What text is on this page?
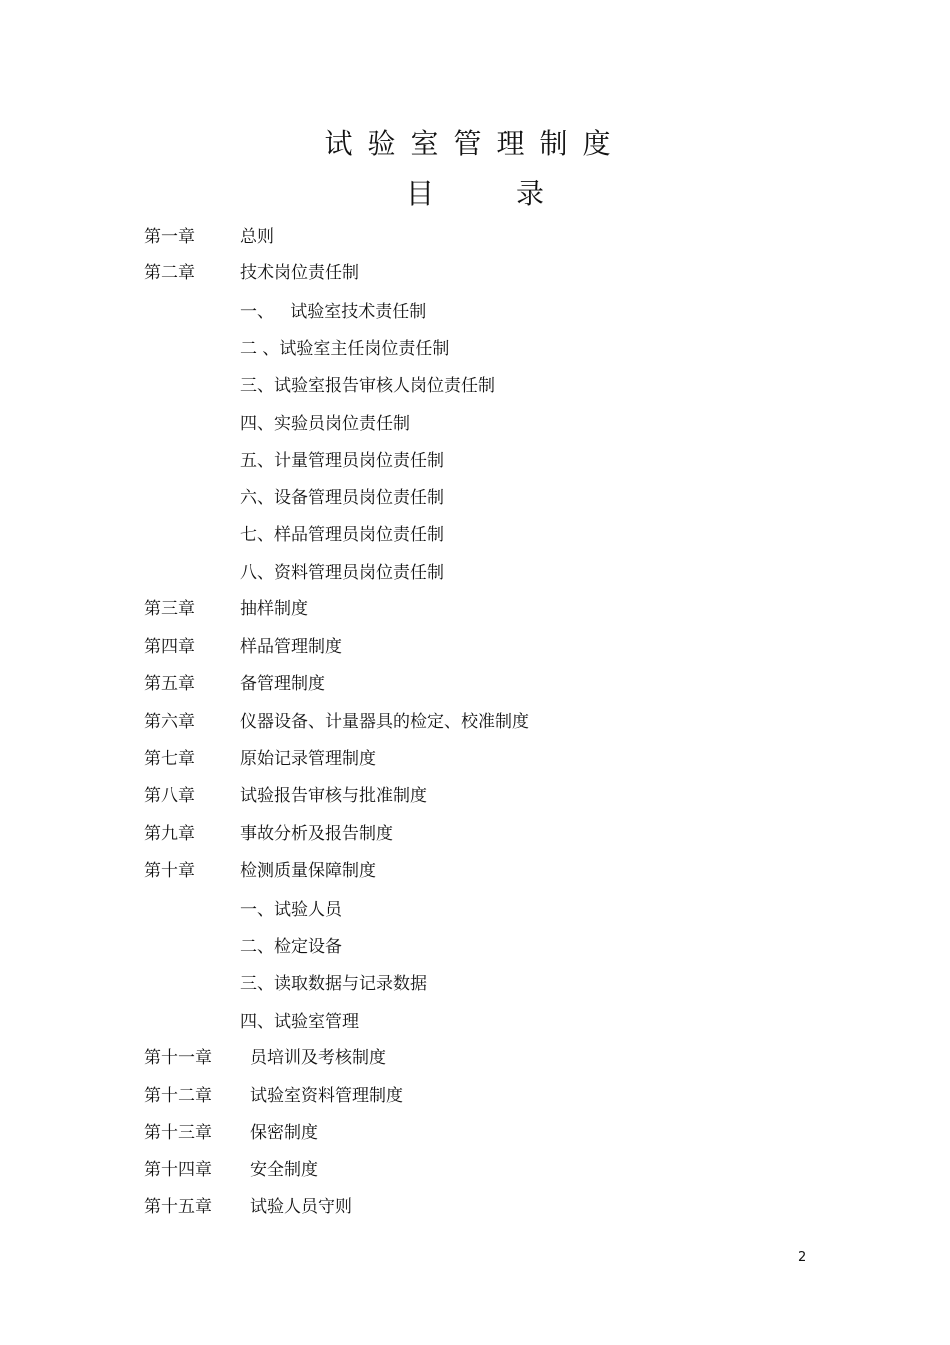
试验室管理制度
目	录
第一章	总则
第二章	技术岗位责任制
一、   试验室技术责任制
二 、试验室主任岗位责任制
三、试验室报告审核人岗位责任制
四、实验员岗位责任制
五、计量管理员岗位责任制
六、设备管理员岗位责任制
七、样品管理员岗位责任制
八、资料管理员岗位责任制
第三章	抽样制度
第四章	样品管理制度
第五章	备管理制度
第六章	仪器设备、计量器具的检定、校准制度
第七章	原始记录管理制度
第八章	试验报告审核与批准制度
第九章	事故分析及报告制度
第十章	检测质量保障制度
一、试验人员
二、检定设备
三、读取数据与记录数据
四、试验室管理
第十一章 员培训及考核制度
第十二章 试验室资料管理制度
第十三章 保密制度
第十四章 安全制度
第十五章 试验人员守则
2
